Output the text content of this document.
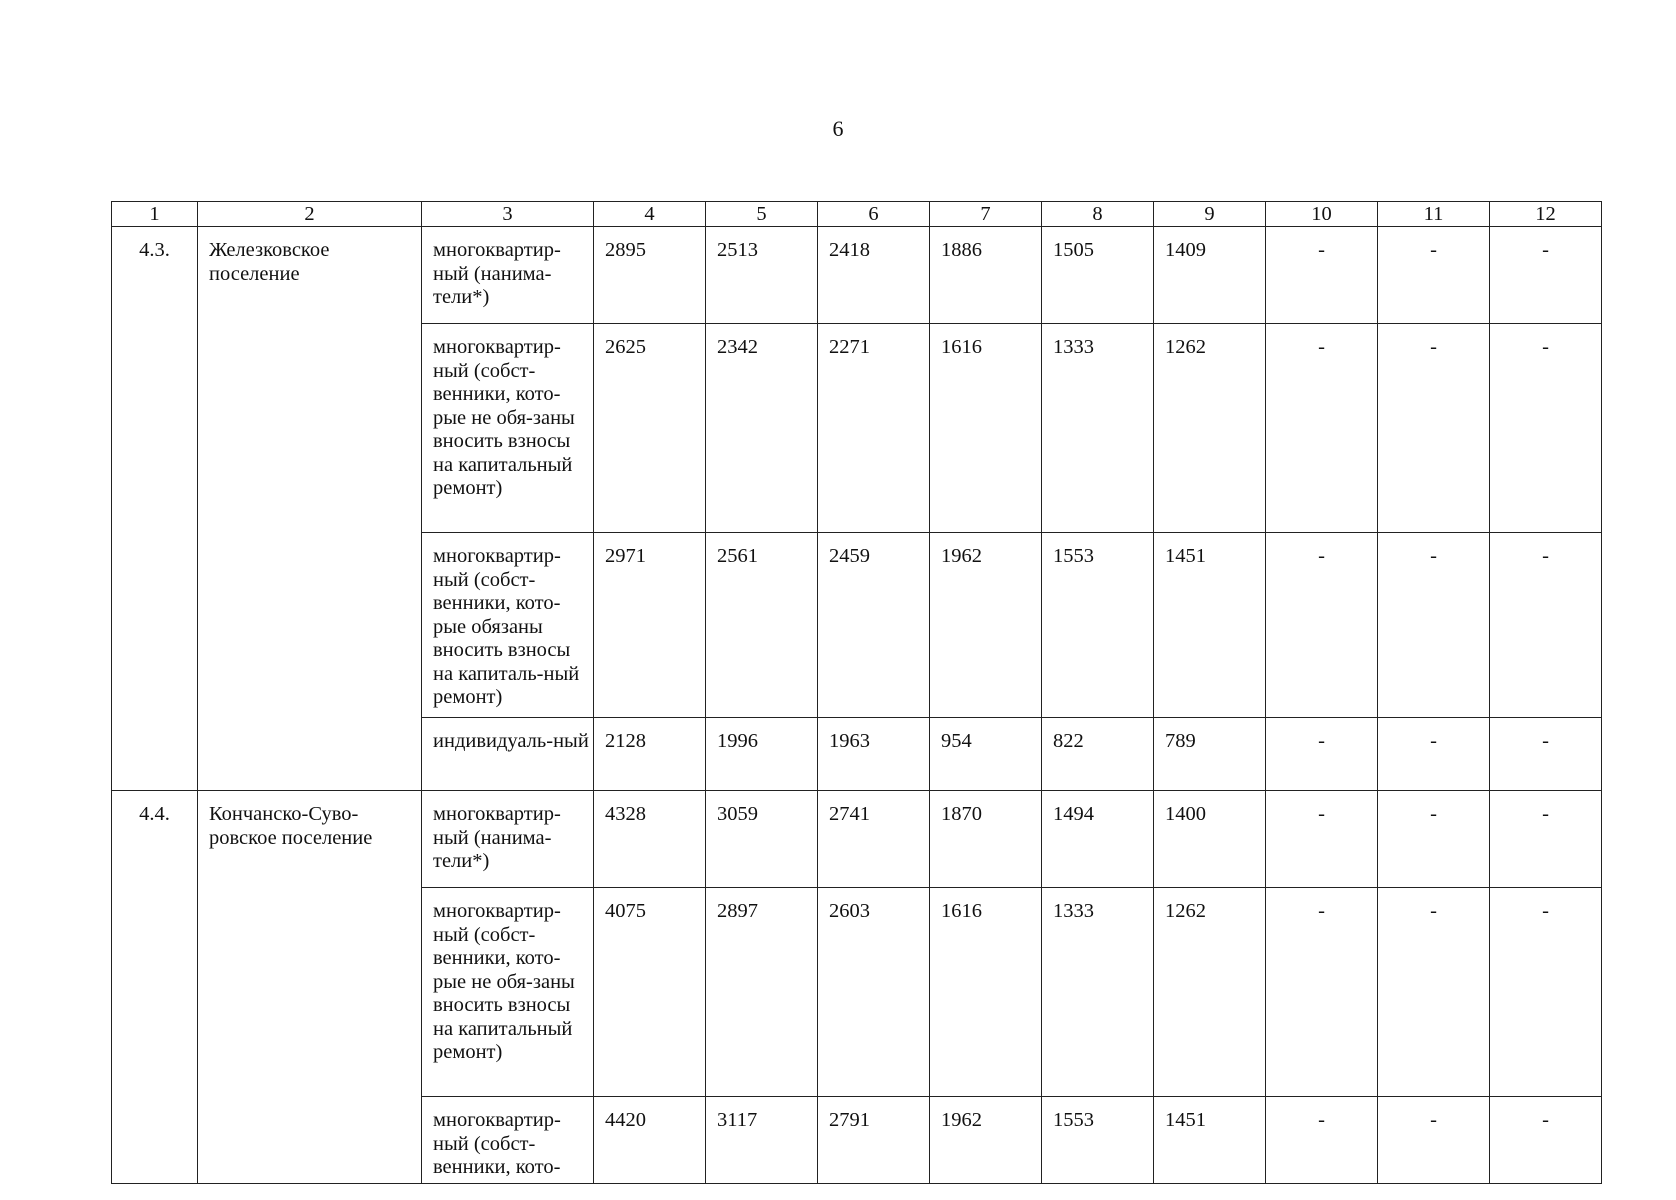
6
1	2	3	4	5	6	7	8	9	10	11	12
4.3.	Железковское поселение	многоквартир-ный (нанима-тели*)	2895	2513	2418	1886	1505	1409	-	-	-
		многоквартир-ный (собст-венники, кото-рые не обя-заны вносить взносы на капитальный ремонт)	2625	2342	2271	1616	1333	1262	-	-	-
		многоквартир-ный (собст-венники, кото-рые обязаны вносить взносы на капиталь-ный ремонт)	2971	2561	2459	1962	1553	1451	-	-	-
		индивидуаль-ный	2128	1996	1963	954	822	789	-	-	-
4.4.	Кончанско-Суво-ровское поселение	многоквартир-ный (нанима-тели*)	4328	3059	2741	1870	1494	1400	-	-	-
		многоквартир-ный (собст-венники, кото-рые не обя-заны вносить взносы на капитальный ремонт)	4075	2897	2603	1616	1333	1262	-	-	-
		многоквартир-ный (собст-венники, кото-	4420	3117	2791	1962	1553	1451	-	-	-
